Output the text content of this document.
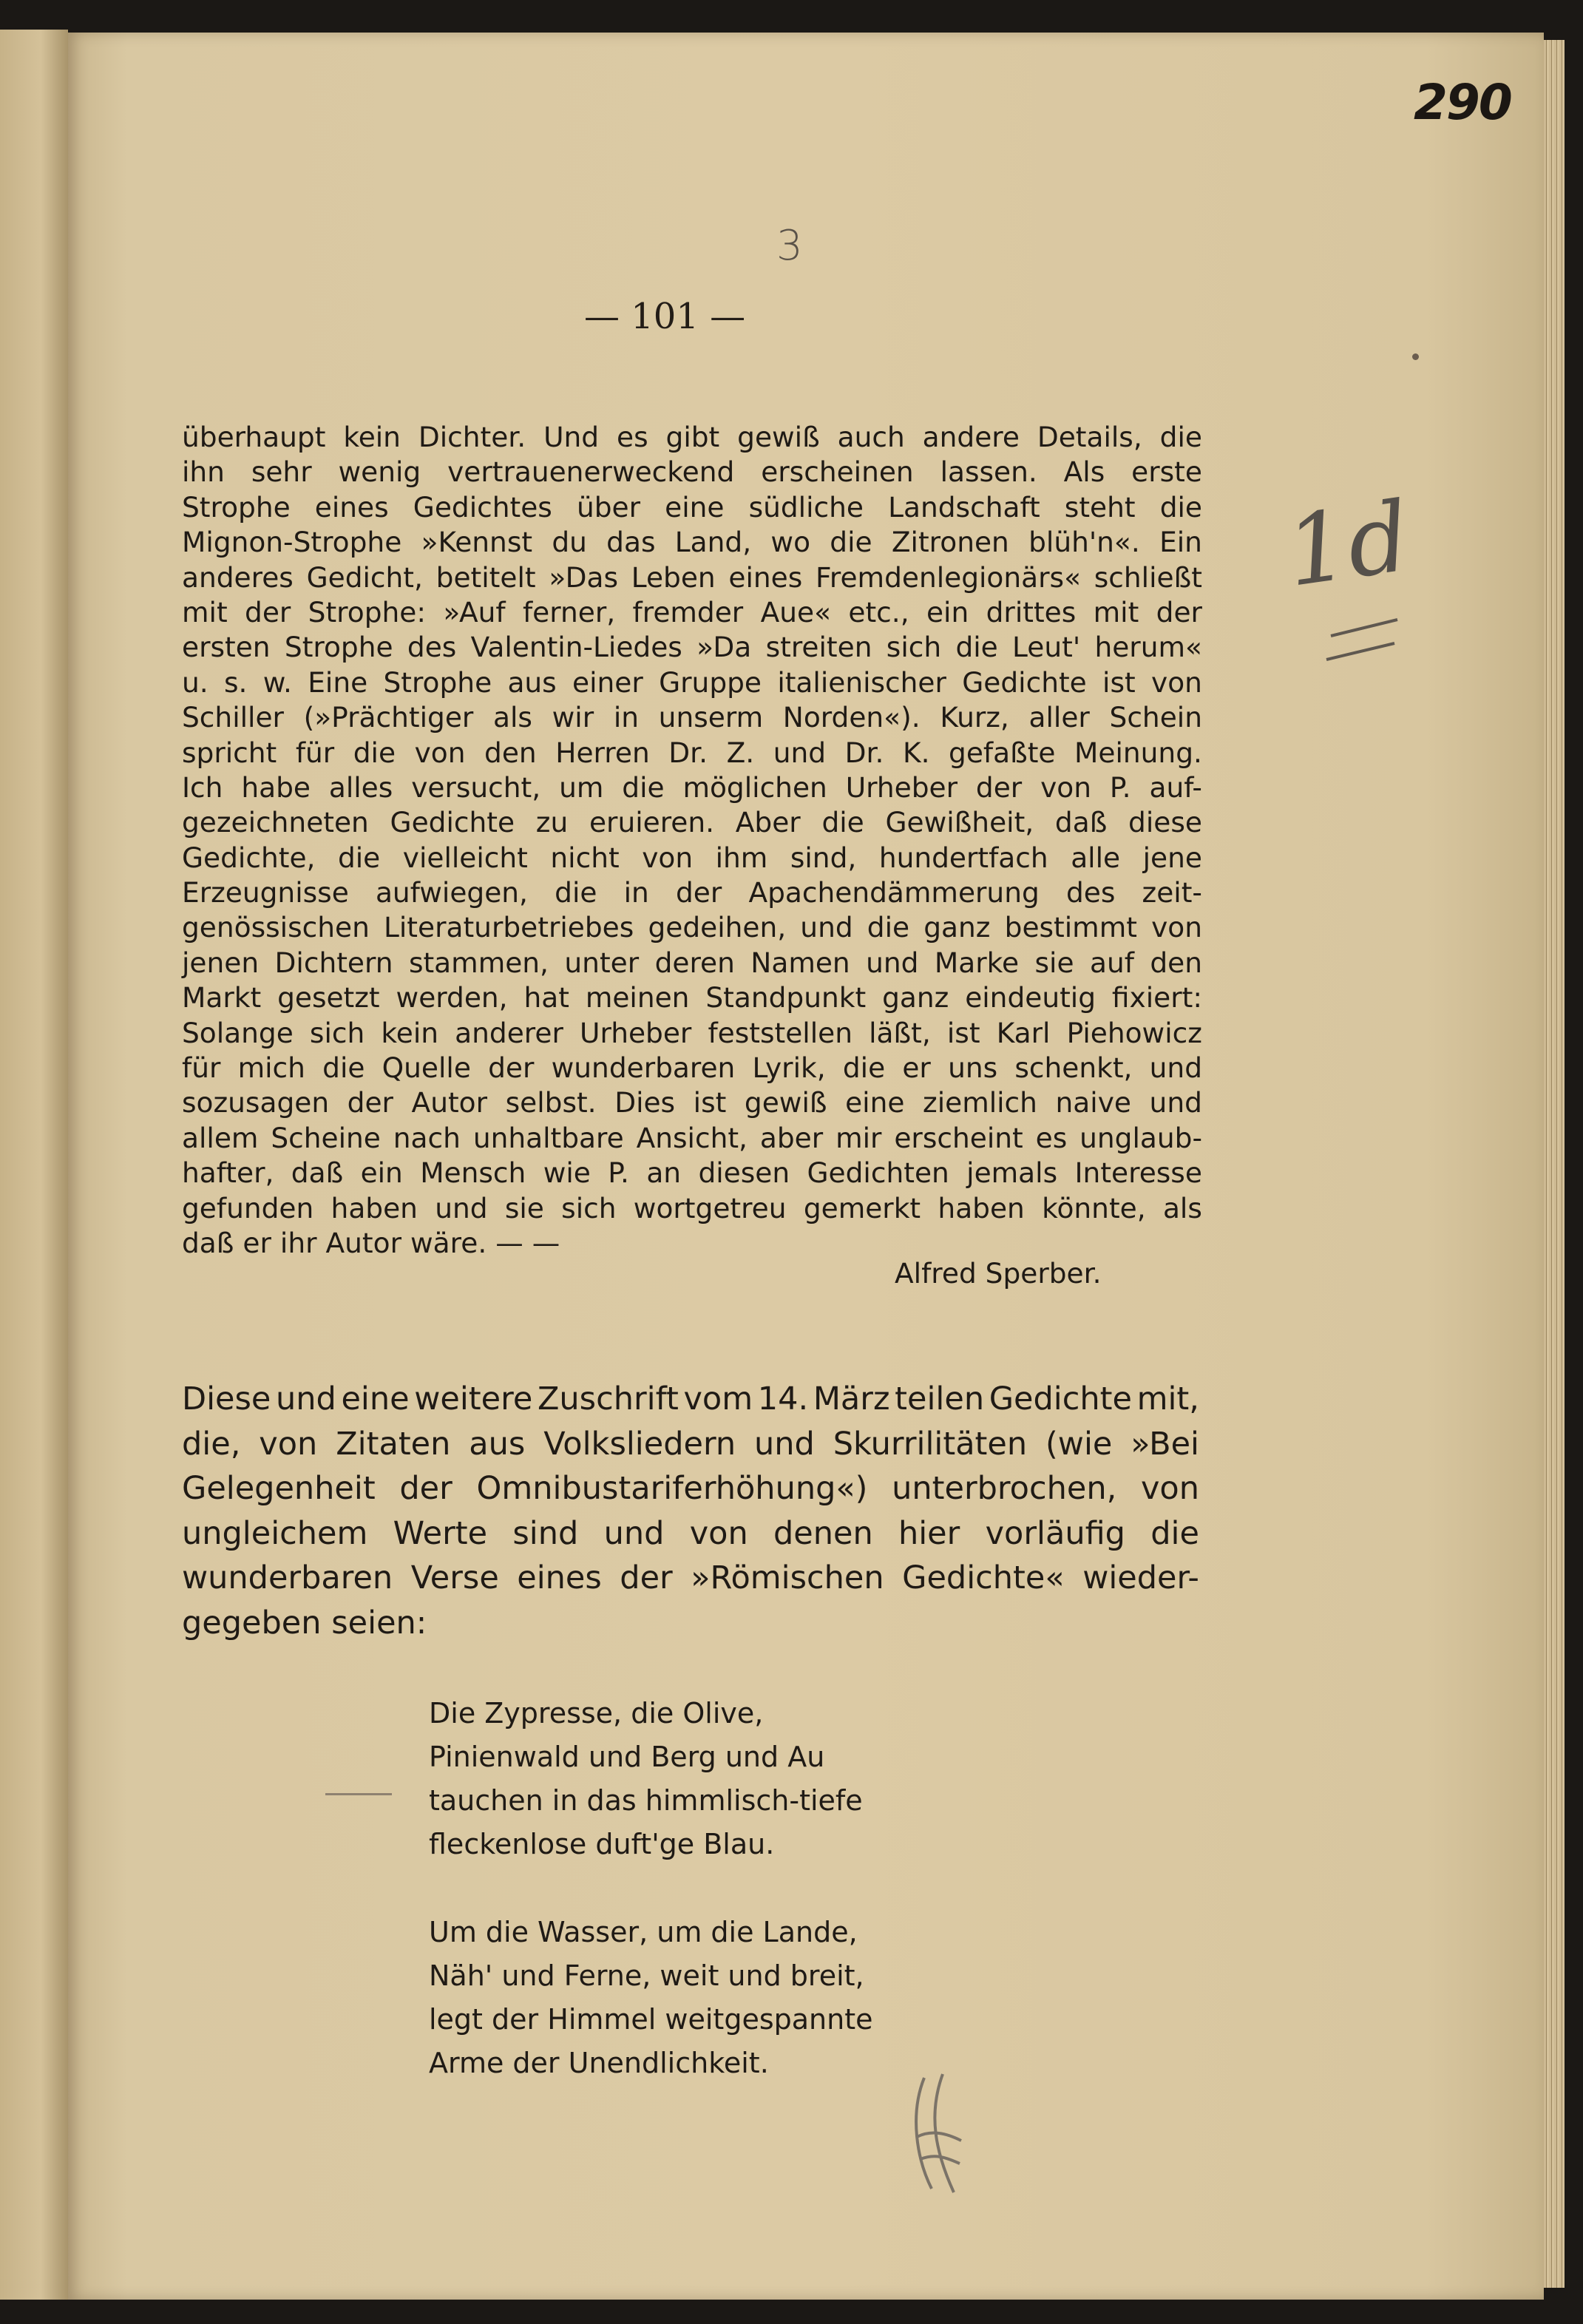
290
3
— 101 —
1d
überhaupt kein Dichter. Und es gibt gewiß auch andere Details, die
ihn sehr wenig vertrauenerweckend erscheinen lassen. Als erste
Strophe eines Gedichtes über eine südliche Landschaft steht die
Mignon-Strophe »Kennst du das Land, wo die Zitronen blüh'n«. Ein
anderes Gedicht, betitelt »Das Leben eines Fremdenlegionärs« schließt
mit der Strophe: »Auf ferner, fremder Aue« etc., ein drittes mit der
ersten Strophe des Valentin-Liedes »Da streiten sich die Leut' herum«
u. s. w. Eine Strophe aus einer Gruppe italienischer Gedichte ist von
Schiller (»Prächtiger als wir in unserm Norden«). Kurz, aller Schein
spricht für die von den Herren Dr. Z. und Dr. K. gefaßte Meinung.
Ich habe alles versucht, um die möglichen Urheber der von P. auf-
gezeichneten Gedichte zu eruieren. Aber die Gewißheit, daß diese
Gedichte, die vielleicht nicht von ihm sind, hundertfach alle jene
Erzeugnisse aufwiegen, die in der Apachendämmerung des zeit-
genössischen Literaturbetriebes gedeihen, und die ganz bestimmt von
jenen Dichtern stammen, unter deren Namen und Marke sie auf den
Markt gesetzt werden, hat meinen Standpunkt ganz eindeutig fixiert:
Solange sich kein anderer Urheber feststellen läßt, ist Karl Piehowicz
für mich die Quelle der wunderbaren Lyrik, die er uns schenkt, und
sozusagen der Autor selbst. Dies ist gewiß eine ziemlich naive und
allem Scheine nach unhaltbare Ansicht, aber mir erscheint es unglaub-
hafter, daß ein Mensch wie P. an diesen Gedichten jemals Interesse
gefunden haben und sie sich wortgetreu gemerkt haben könnte, als
daß er ihr Autor wäre. — —
Alfred Sperber.
Diese und eine weitere Zuschrift vom 14. März teilen Gedichte mit,
die, von Zitaten aus Volksliedern und Skurrilitäten (wie »Bei
Gelegenheit der Omnibustariferhöhung«) unterbrochen, von
ungleichem Werte sind und von denen hier vorläufig die
wunderbaren Verse eines der »Römischen Gedichte« wieder-
gegeben seien:
Die Zypresse, die Olive,
Pinienwald und Berg und Au
tauchen in das himmlisch-tiefe
fleckenlose duft'ge Blau.
Um die Wasser, um die Lande,
Näh' und Ferne, weit und breit,
legt der Himmel weitgespannte
Arme der Unendlichkeit.
